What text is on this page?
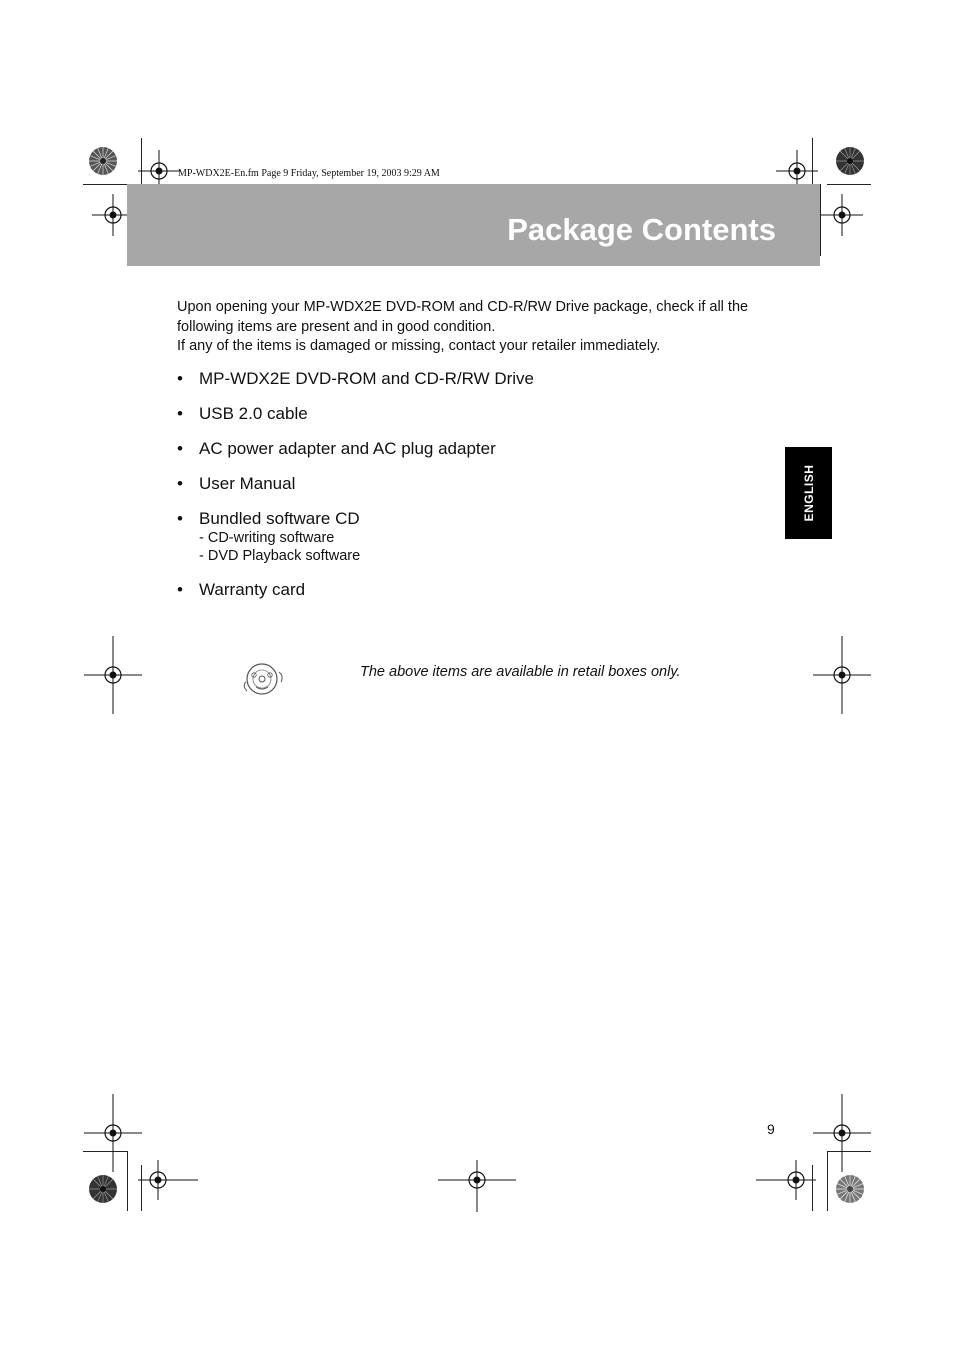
MP-WDX2E-En.fm Page 9 Friday, September 19, 2003 9:29 AM
Package Contents

Upon opening your MP-WDX2E DVD-ROM and CD-R/RW Drive package, check if all the following items are present and in good condition.

If any of the items is damaged or missing, contact your retailer immediately.

• MP-WDX2E DVD-ROM and CD-R/RW Drive
• USB 2.0 cable
• AC power adapter and AC plug adapter
• User Manual
• Bundled software CD
- CD-writing software
- DVD Playback software
• Warranty card
ENGLISH
The above items are available in retail boxes only.
9
